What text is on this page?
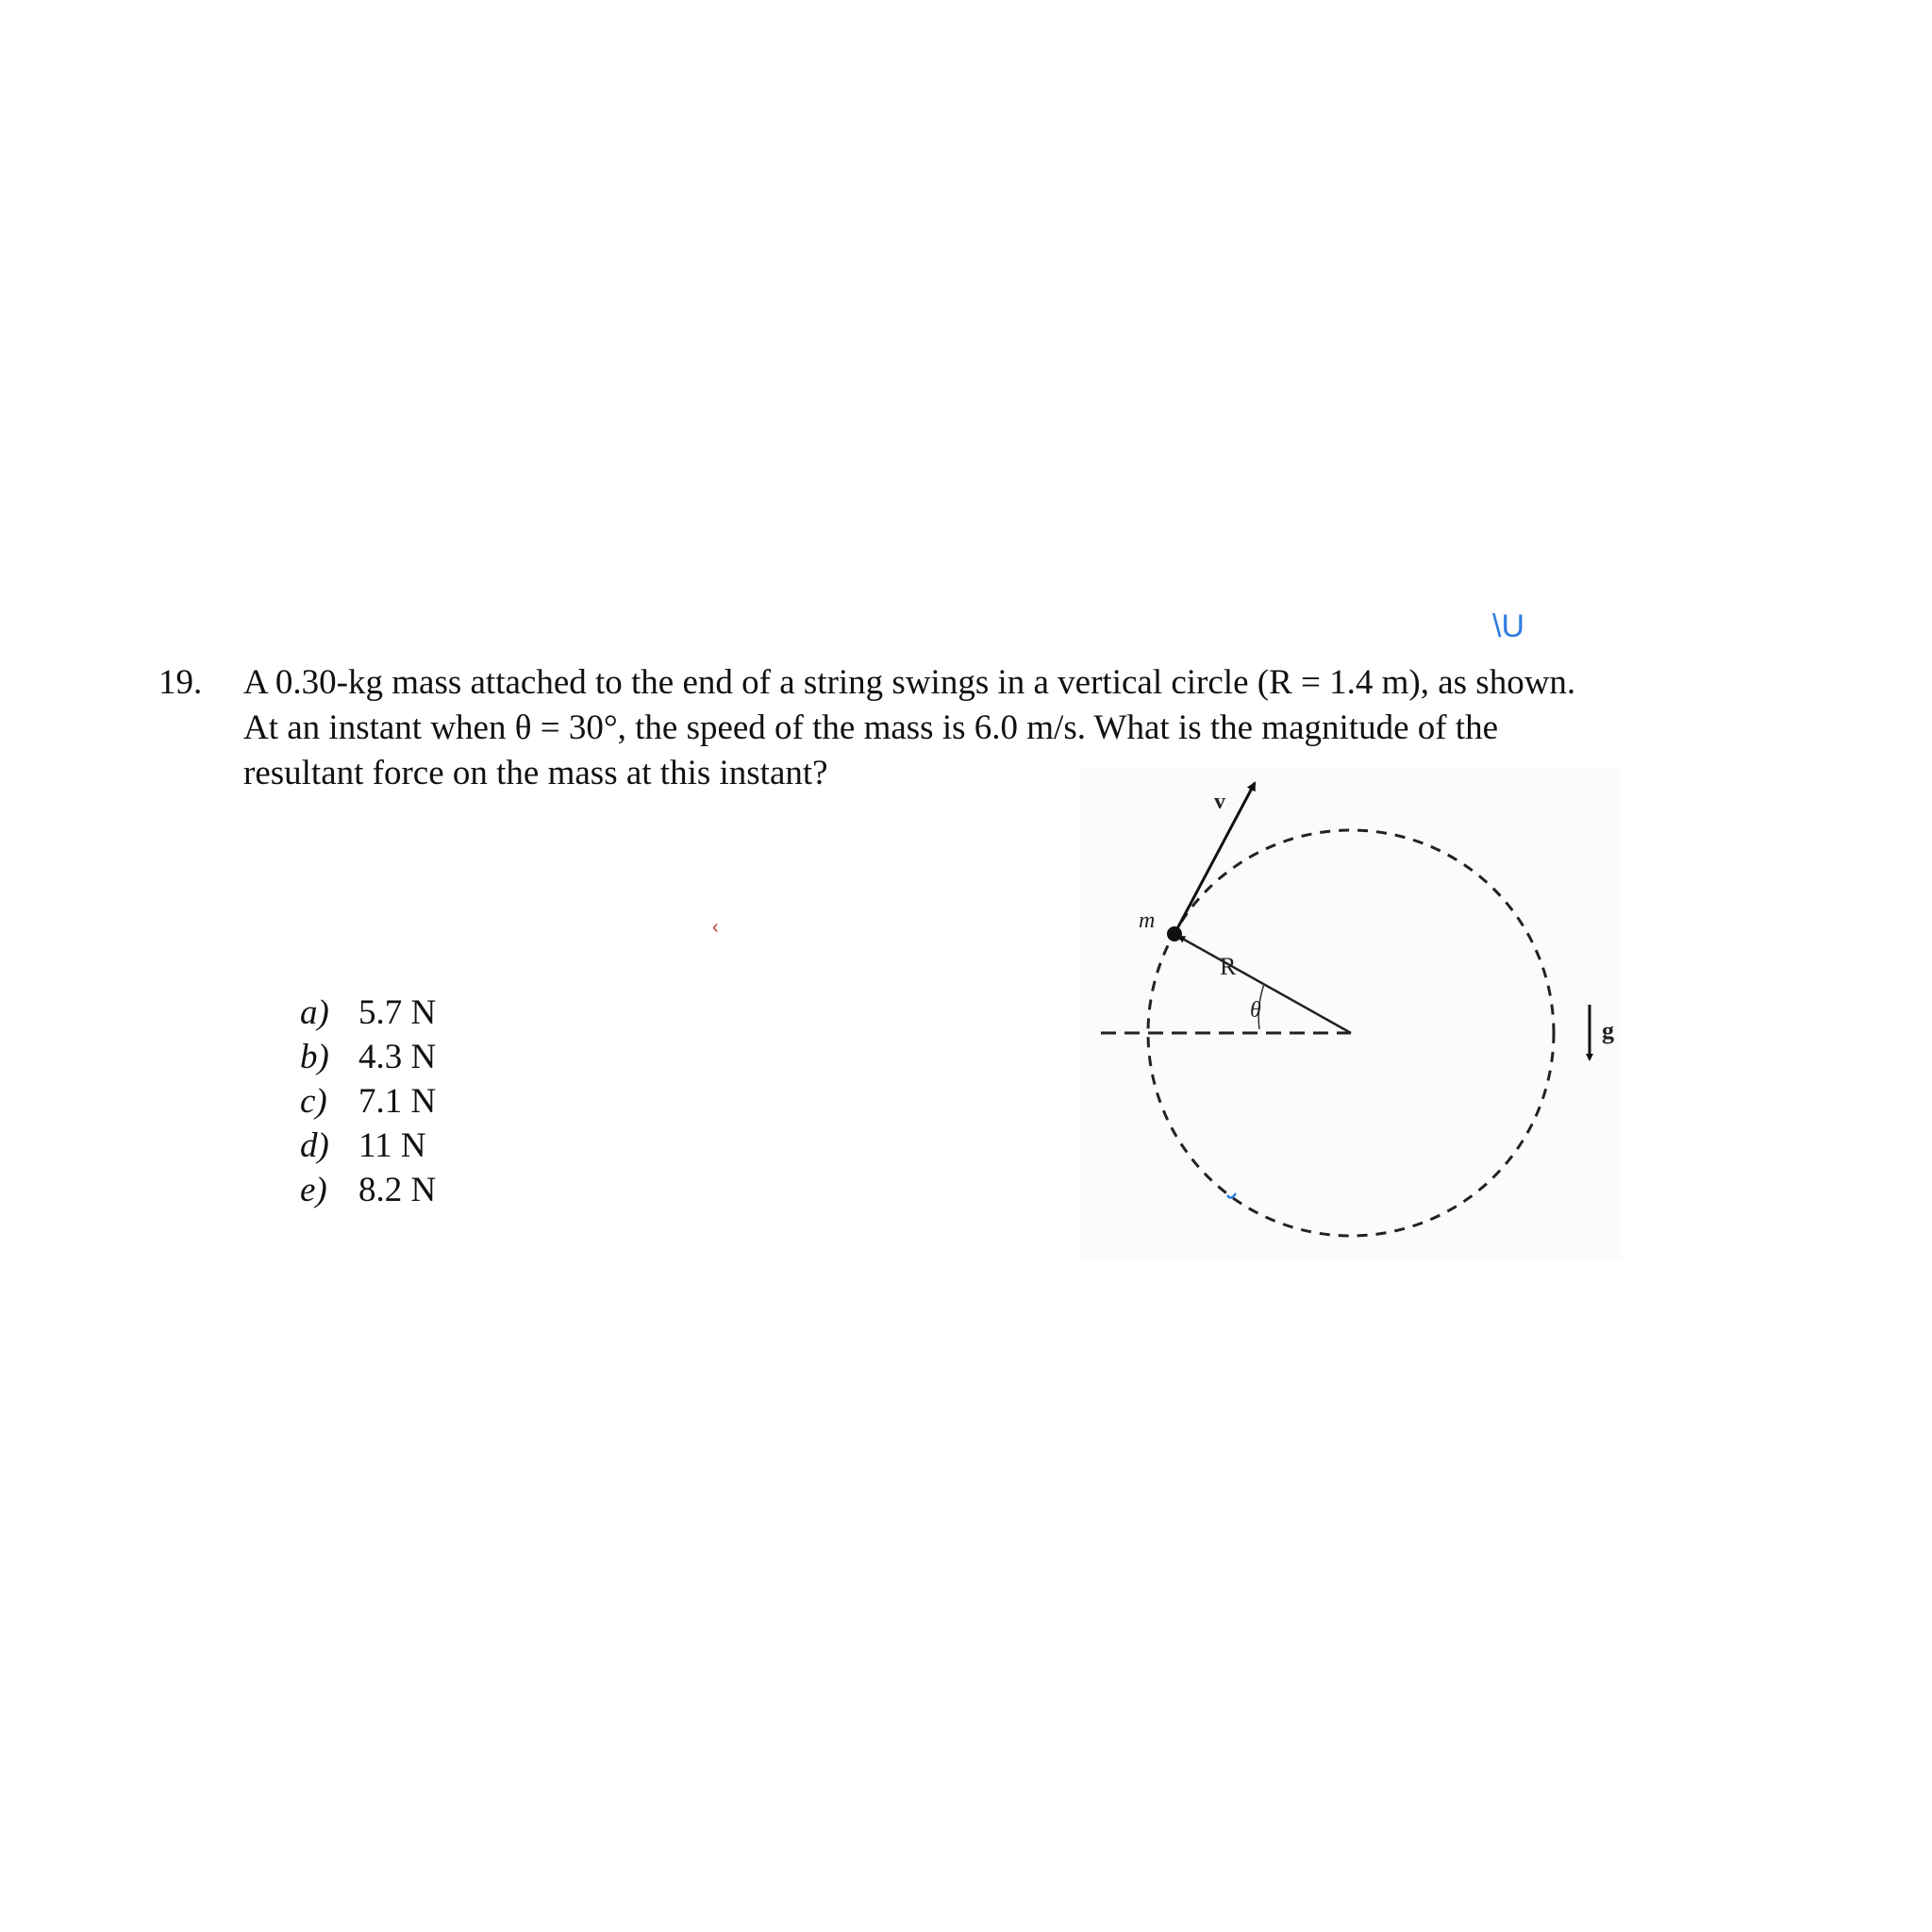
19. A 0.30-kg mass attached to the end of a string swings in a vertical circle (R = 1.4 m), as shown.
At an instant when θ = 30°, the speed of the mass is 6.0 m/s. What is the magnitude of the
resultant force on the mass at this instant?
a) 5.7 N
b) 4.3 N
c) 7.1 N
d) 11 N
e) 8.2 N
\U
‹
v
m
R
θ
g
